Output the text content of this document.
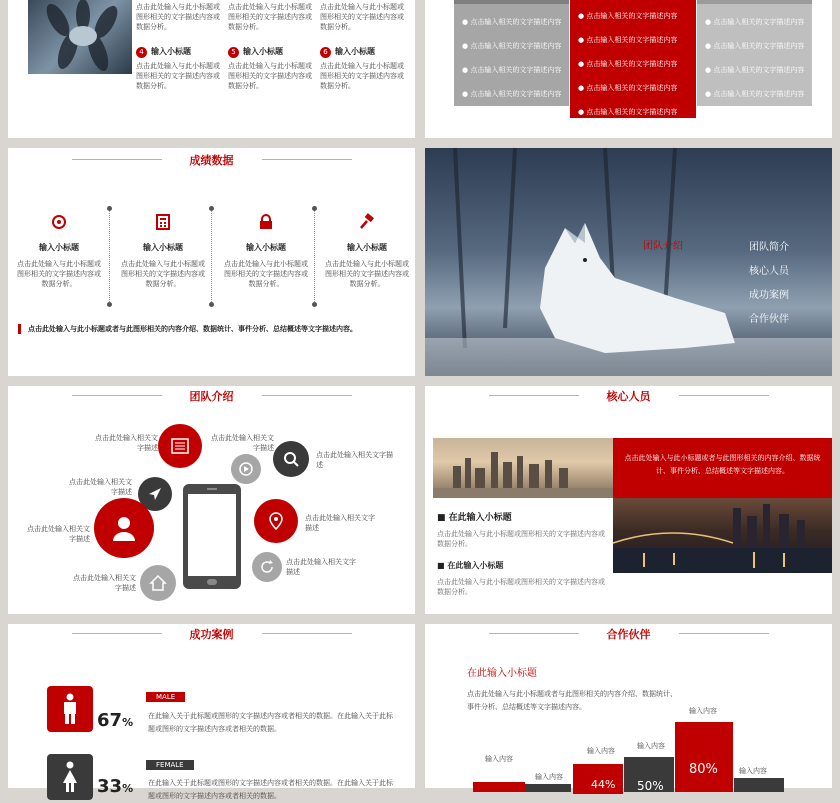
点击此处输入与此小标题或图形相关的文字描述内容或数据分析。
4 输入小标题
点击此处输入与此小标题或图形相关的文字描述内容或数据分析。
点击此处输入与此小标题或图形相关的文字描述内容或数据分析。
5 输入小标题
点击此处输入与此小标题或图形相关的文字描述内容或数据分析。
点击此处输入与此小标题或图形相关的文字描述内容或数据分析。
6 输入小标题
点击此处输入与此小标题或图形相关的文字描述内容或数据分析。
● 点击输入相关的文字描述内容
● 点击输入相关的文字描述内容
● 点击输入相关的文字描述内容
● 点击输入相关的文字描述内容
● 点击输入相关的文字描述内容
● 点击输入相关的文字描述内容
● 点击输入相关的文字描述内容
● 点击输入相关的文字描述内容
● 点击输入相关的文字描述内容
● 点击输入相关的文字描述内容
● 点击输入相关的文字描述内容
● 点击输入相关的文字描述内容
● 点击输入相关的文字描述内容
成绩数据
输入小标题
点击此处输入与此小标题或图形相关的文字描述内容或数据分析。
输入小标题
点击此处输入与此小标题或图形相关的文字描述内容或数据分析。
输入小标题
点击此处输入与此小标题或图形相关的文字描述内容或数据分析。
输入小标题
点击此处输入与此小标题或图形相关的文字描述内容或数据分析。
点击此处输入与此小标题或者与此图形相关的内容介绍、数据统计、事件分析、总结概述等文字描述内容。
团队介绍	团队简介
核心人员
成功案例
合作伙伴
团队介绍
点击此处输入相关文字描述
点击此处输入相关文字描述
点击此处输入相关文字描述
点击此处输入相关文字描述
点击此处输入相关文字描述
点击此处输入相关文字描述
点击此处输入相关文字描述
点击此处输入相关文字描述
核心人员
点击此处输入与此小标题或者与此图形相关的内容介绍、数据统计、事件分析、总结概述等文字描述内容。
■ 在此输入小标题
点击此处输入与此小标题或图形相关的文字描述内容或数据分析。
■ 在此输入小标题
点击此处输入与此小标题或图形相关的文字描述内容或数据分析。
成功案例
67%
MALE
在此输入关于此标题或图形的文字描述内容或者相关的数据。在此输入关于此标题或图形的文字描述内容或者相关的数据。
33%
FEMALE
在此输入关于此标题或图形的文字描述内容或者相关的数据。在此输入关于此标题或图形的文字描述内容或者相关的数据。
合作伙伴
在此输入小标题
点击此处输入与此小标题或者与此图形相关的内容介绍、数据统计、事件分析、总结概述等文字描述内容。
输入内容
输入内容
输入内容
44%
输入内容
50%
输入内容
80%	输入内容
